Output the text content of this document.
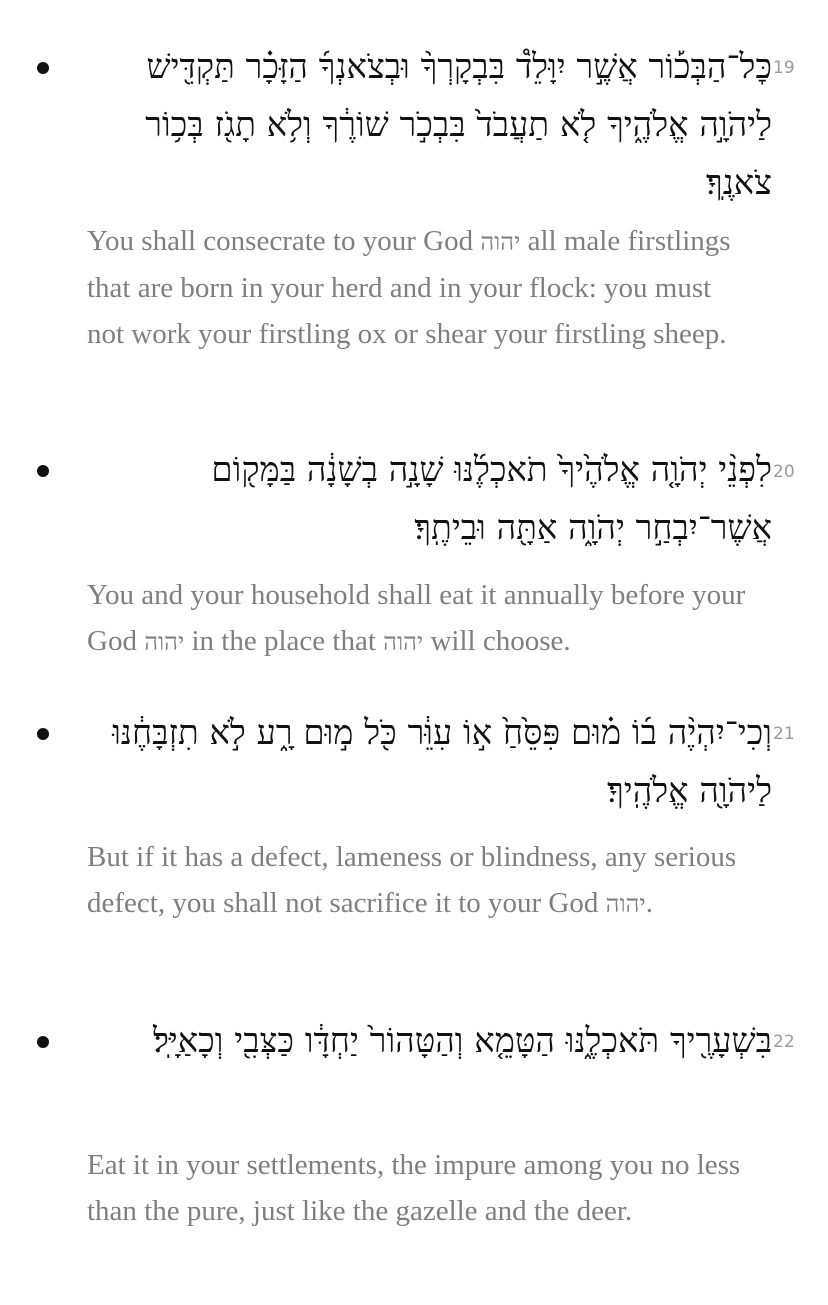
כׇּל־הַבְּכ֡וֹר אֲשֶׁ֣ר יִוָּלֵ֩ד בִּבְקָרְךָ֨ וּבְצֹאנְךָ֜ הַזָּכָ֗ר תַּקְדִּ֖ישׁ לַיהֹוָ֣ה אֱלֹהֶ֑יךָ לֹ֤א תַעֲבֹד֙ בִּבְכֹ֣ר שׁוֹרֶ֔ךָ וְלֹ֥א תָגֹ֖ז בְּכ֥וֹר צֹאנֶֽךָ׃
19
You shall consecrate to your God יהוה all male firstlings that are born in your herd and in your flock: you must not work your firstling ox or shear your firstling sheep.
לִפְנֵ֨י יְהֹוָ֤ה אֱלֹהֶ֙יךָ֙ תֹאכְלֶ֜נּוּ שָׁנָ֣ה בְשָׁנָ֔ה בַּמָּק֖וֹם אֲשֶׁר־יִבְחַ֣ר יְהֹוָ֑ה אַתָּ֖ה וּבֵיתֶֽךָ׃
20
You and your household shall eat it annually before your God יהוה in the place that יהוה will choose.
וְכִי־יִהְיֶ֨ה ב֜וֹ מ֗וּם פִּסֵּ֙חַ֙ א֣וֹ עִוֵּ֔ר כֹּ֖ל מ֣וּם רָ֑ע לֹ֣א תִזְבָּחֶ֔נּוּ לַיהֹוָ֖ה אֱלֹהֶֽיךָ׃
21
But if it has a defect, lameness or blindness, any serious defect, you shall not sacrifice it to your God יהוה.
בִּשְׁעָרֶ֖יךָ תֹּאכְלֶ֑נּוּ הַטָּמֵ֤א וְהַטָּהוֹר֙ יַחְדָּ֔ו כַּצְּבִ֖י וְכָאַיָּֽל׃ 22
Eat it in your settlements, the impure among you no less than the pure, just like the gazelle and the deer.
